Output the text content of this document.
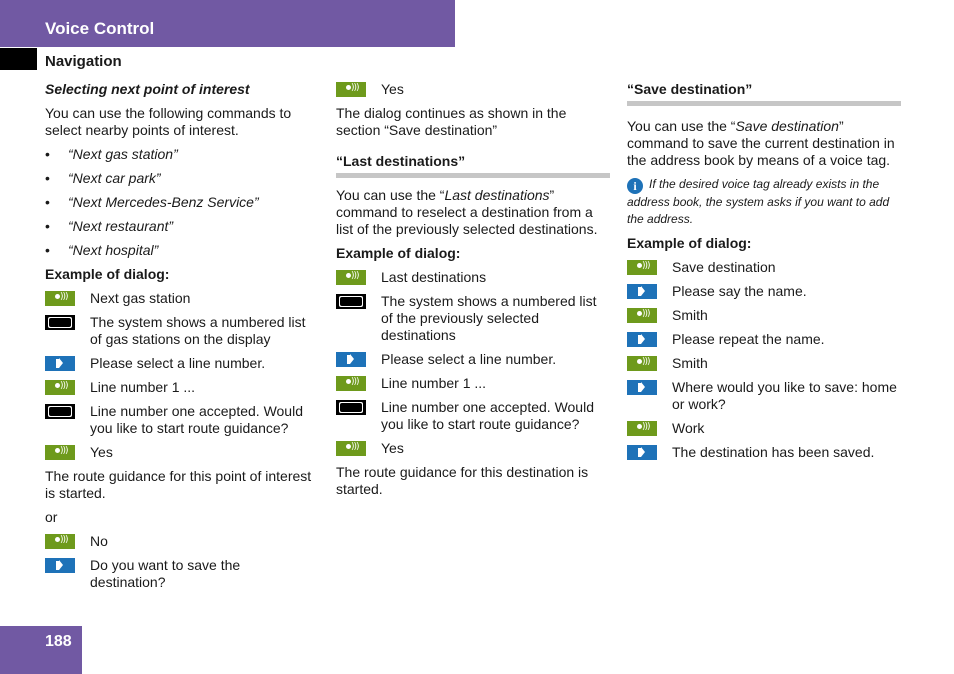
Voice Control
Navigation
Selecting next point of interest
You can use the following commands to select nearby points of interest.
• “Next gas station”
• “Next car park”
• “Next Mercedes-Benz Service”
• “Next restaurant”
• “Next hospital”
Example of dialog:
)))
Next gas station
The system shows a numbered list of gas stations on the display
Please select a line number.
)))
Line number 1 ...
Line number one accepted. Would you like to start route guidance?
)))
Yes
The route guidance for this point of interest is started.
or
)))
No
Do you want to save the destination?
)))
Yes
The dialog continues as shown in the section “Save destination”
“Last destinations”
You can use the “Last destinations” command to reselect a destination from a list of the previously selected destinations.
Example of dialog:
)))
Last destinations
The system shows a numbered list of the previously selected destinations
Please select a line number.
)))
Line number 1 ...
Line number one accepted. Would you like to start route guidance?
)))
Yes
The route guidance for this destination is started.
“Save destination”
You can use the “Save destination” command to save the current destination in the address book by means of a voice tag.
i If the desired voice tag already exists in the address book, the system asks if you want to add the address.
Example of dialog:
)))
Save destination
Please say the name.
)))
Smith
Please repeat the name.
)))
Smith
Where would you like to save: home or work?
)))
Work
The destination has been saved.
188
